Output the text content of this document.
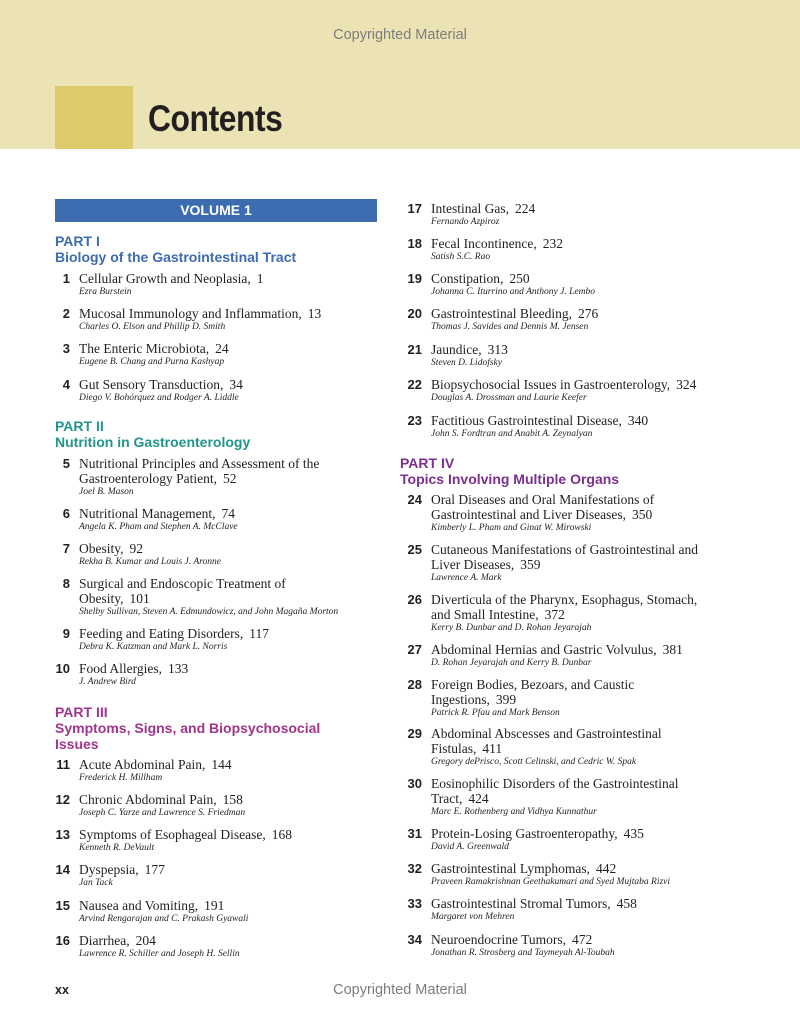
Copyrighted Material
Contents
VOLUME 1
PART I
Biology of the Gastrointestinal Tract
PART II
Nutrition in Gastroenterology
PART III
Symptoms, Signs, and Biopsychosocial
Issues
PART IV
Topics Involving Multiple Organs
1 Cellular Growth and Neoplasia, 1
Ezra Burstein
2 Mucosal Immunology and Inflammation, 13
Charles O. Elson and Phillip D. Smith
3 The Enteric Microbiota, 24
Eugene B. Chang and Purna Kashyap
4 Gut Sensory Transduction, 34
Diego V. Bohórquez and Rodger A. Liddle
5 Nutritional Principles and Assessment of the
Gastroenterology Patient, 52
Joel B. Mason
6 Nutritional Management, 74
Angela K. Pham and Stephen A. McClave
7 Obesity, 92
Rekha B. Kumar and Louis J. Aronne
8 Surgical and Endoscopic Treatment of
Obesity, 101
Shelby Sullivan, Steven A. Edmundowicz, and John Magaña Morton
9 Feeding and Eating Disorders, 117
Debra K. Katzman and Mark L. Norris
10 Food Allergies, 133
J. Andrew Bird
11 Acute Abdominal Pain, 144
Frederick H. Millham
12 Chronic Abdominal Pain, 158
Joseph C. Yarze and Lawrence S. Friedman
13 Symptoms of Esophageal Disease, 168
Kenneth R. DeVault
14 Dyspepsia, 177
Jan Tack
15 Nausea and Vomiting, 191
Arvind Rengarajan and C. Prakash Gyawali
16 Diarrhea, 204
Lawrence R. Schiller and Joseph H. Sellin
17 Intestinal Gas, 224
Fernando Azpiroz
18 Fecal Incontinence, 232
Satish S.C. Rao
19 Constipation, 250
Johanna C. Iturrino and Anthony J. Lembo
20 Gastrointestinal Bleeding, 276
Thomas J. Savides and Dennis M. Jensen
21 Jaundice, 313
Steven D. Lidofsky
22 Biopsychosocial Issues in Gastroenterology, 324
Douglas A. Drossman and Laurie Keefer
23 Factitious Gastrointestinal Disease, 340
John S. Fordtran and Anabit A. Zeynalyan
24 Oral Diseases and Oral Manifestations of
Gastrointestinal and Liver Diseases, 350
Kimberly L. Pham and Ginat W. Mirowski
25 Cutaneous Manifestations of Gastrointestinal and
Liver Diseases, 359
Lawrence A. Mark
26 Diverticula of the Pharynx, Esophagus, Stomach,
and Small Intestine, 372
Kerry B. Dunbar and D. Rohan Jeyarajah
27 Abdominal Hernias and Gastric Volvulus, 381
D. Rohan Jeyarajah and Kerry B. Dunbar
28 Foreign Bodies, Bezoars, and Caustic
Ingestions, 399
Patrick R. Pfau and Mark Benson
29 Abdominal Abscesses and Gastrointestinal
Fistulas, 411
Gregory dePrisco, Scott Celinski, and Cedric W. Spak
30 Eosinophilic Disorders of the Gastrointestinal
Tract, 424
Marc E. Rothenberg and Vidhya Kunnathur
31 Protein-Losing Gastroenteropathy, 435
David A. Greenwald
32 Gastrointestinal Lymphomas, 442
Praveen Ramakrishnan Geethakumari and Syed Mujtaba Rizvi
33 Gastrointestinal Stromal Tumors, 458
Margaret von Mehren
34 Neuroendocrine Tumors, 472
Jonathan R. Strosberg and Taymeyah Al-Toubah
xx	Copyrighted Material
